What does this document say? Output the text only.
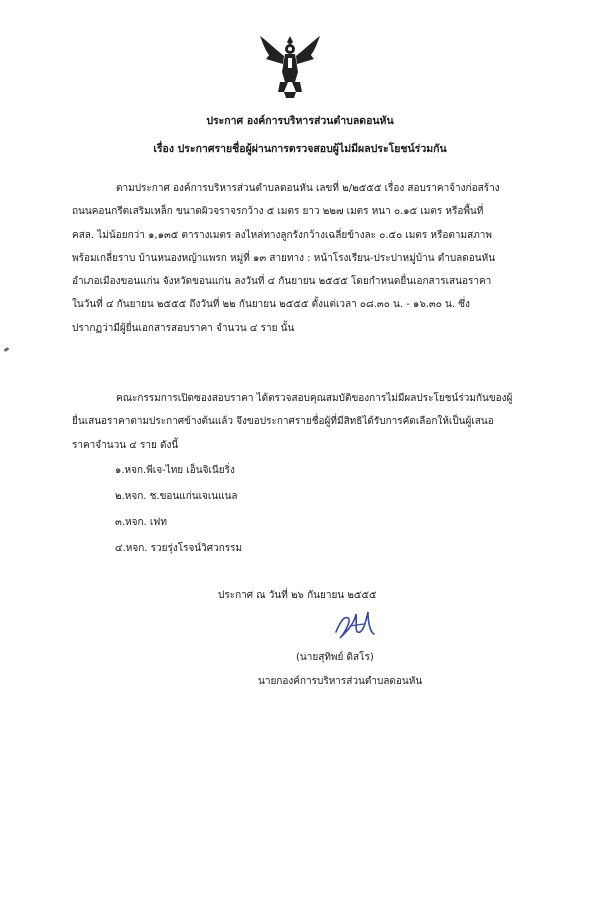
ประกาศ องค์การบริหารส่วนตำบลดอนหัน
เรื่อง ประกาศรายชื่อผู้ผ่านการตรวจสอบผู้ไม่มีผลประโยชน์ร่วมกัน
ตามประกาศ องค์การบริหารส่วนตำบลดอนหัน เลขที่ ๒/๒๕๕๕ เรื่อง สอบราคาจ้างก่อสร้าง
ถนนคอนกรีตเสริมเหล็ก ขนาดผิวจราจรกว้าง ๕ เมตร ยาว ๒๒๗ เมตร หนา ๐.๑๕ เมตร หรือพื้นที่
คสล. ไม่น้อยกว่า ๑,๑๓๕ ตารางเมตร ลงไหล่ทางลูกรังกว้างเฉลี่ยข้างละ ๐.๕๐ เมตร หรือตามสภาพ
พร้อมเกลี่ยราบ บ้านหนองหญ้าแพรก หมู่ที่ ๑๓ สายทาง : หน้าโรงเรียน-ประปาหมู่บ้าน ตำบลดอนหัน
อำเภอเมืองขอนแก่น จังหวัดขอนแก่น ลงวันที่ ๔ กันยายน ๒๕๕๕ โดยกำหนดยื่นเอกสารเสนอราคา
ในวันที่ ๔ กันยายน ๒๕๕๕ ถึงวันที่ ๒๒ กันยายน ๒๕๕๕ ตั้งแต่เวลา ๐๘.๓๐ น. - ๑๖.๓๐ น. ซึ่ง
ปรากฏว่ามีผู้ยื่นเอกสารสอบราคา จำนวน ๔ ราย นั้น
คณะกรรมการเปิดซองสอบราคา ได้ตรวจสอบคุณสมบัติของการไม่มีผลประโยชน์ร่วมกันของผู้
ยื่นเสนอราคาตามประกาศข้างต้นแล้ว จึงขอประกาศรายชื่อผู้ที่มีสิทธิได้รับการคัดเลือกให้เป็นผู้เสนอ
ราคาจำนวน ๔ ราย ดังนี้
๑.หจก.พีเจ-ไทย เอ็นจิเนียริ่ง
๒.หจก. ช.ขอนแก่นเจเนแนล
๓.หจก. เฟท
๔.หจก. รวยรุ่งโรจน์วิศวกรรม
ประกาศ ณ วันที่ ๒๖ กันยายน ๒๕๕๕
(นายสุทิพย์ ดิสโร)
นายกองค์การบริหารส่วนตำบลดอนหัน
